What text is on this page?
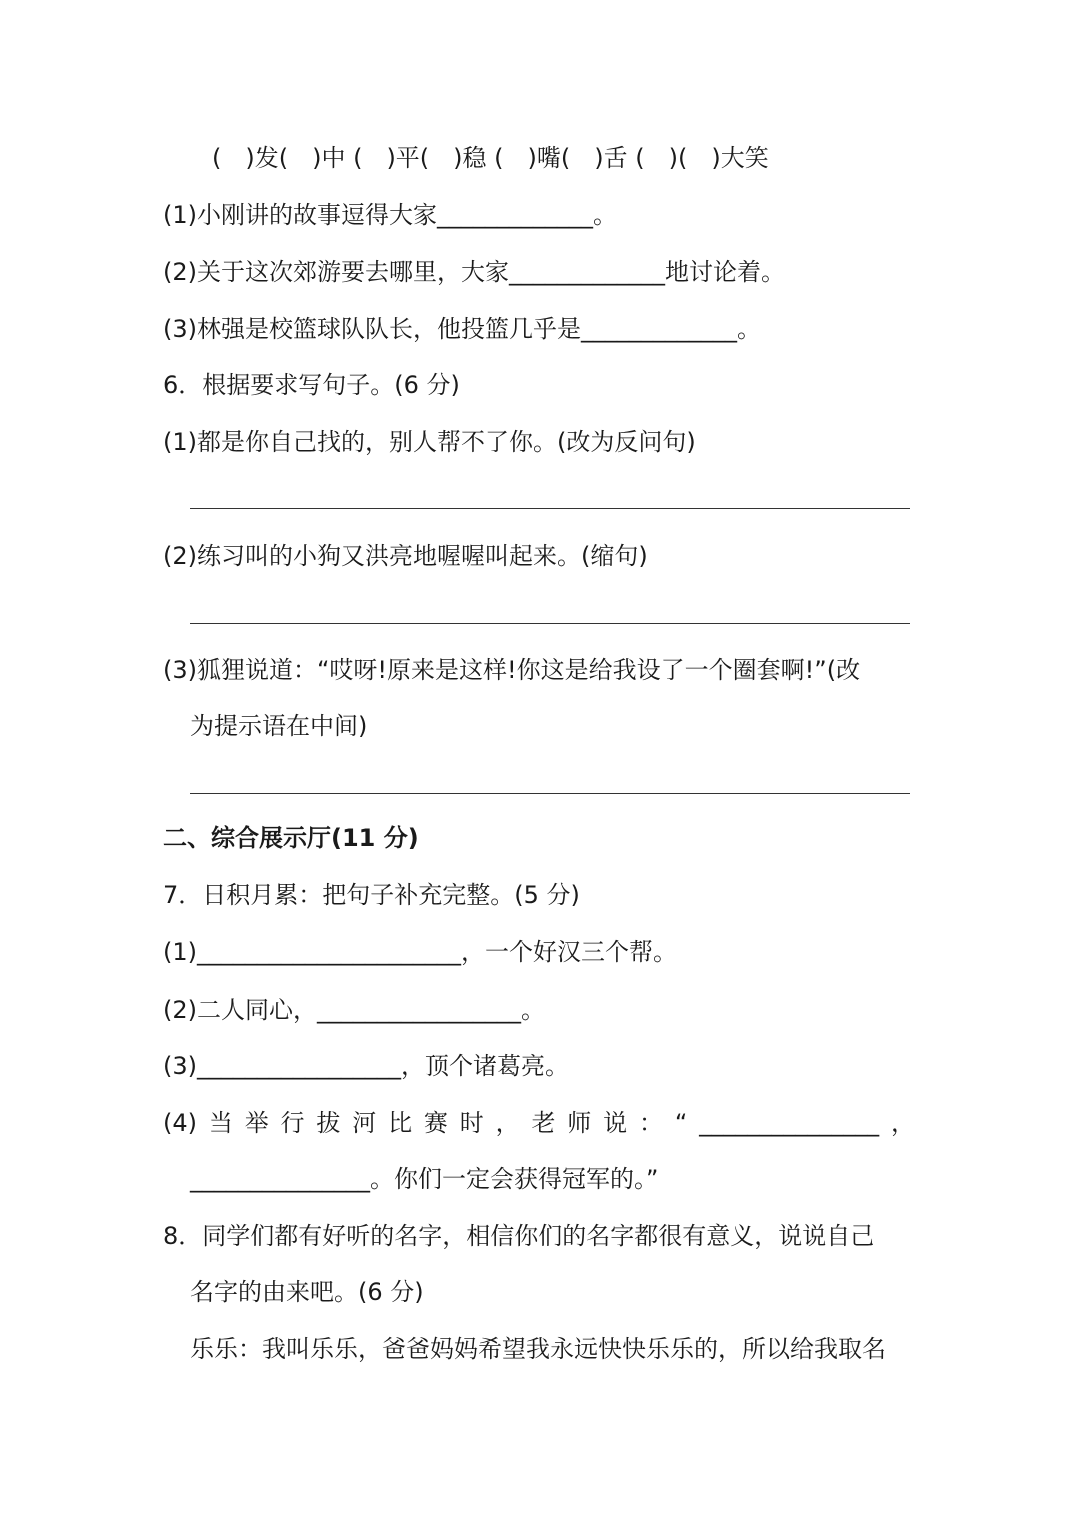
(　)发(　)中 (　)平(　)稳 (　)嘴(　)舌 (　)(　)大笑
(1)小刚讲的故事逗得大家_____________。
(2)关于这次郊游要去哪里，大家_____________地讨论着。
(3)林强是校篮球队队长，他投篮几乎是_____________。
6．根据要求写句子。(6 分)
(1)都是你自己找的，别人帮不了你。(改为反问句)
(2)练习叫的小狗又洪亮地喔喔叫起来。(缩句)
(3)狐狸说道：“哎呀!原来是这样!你这是给我设了一个圈套啊!”(改
为提示语在中间)
二、综合展示厅(11 分)
7．日积月累：把句子补充完整。(5 分)
(1)______________________，一个好汉三个帮。
(2)二人同心，_________________。
(3)_________________，顶个诸葛亮。
(4) 当 举 行 拔 河 比 赛 时 ， 老 师 说 ： “ _______________ ，
_______________。你们一定会获得冠军的。”
8．同学们都有好听的名字，相信你们的名字都很有意义，说说自己
名字的由来吧。(6 分)
乐乐：我叫乐乐，爸爸妈妈希望我永远快快乐乐的，所以给我取名
